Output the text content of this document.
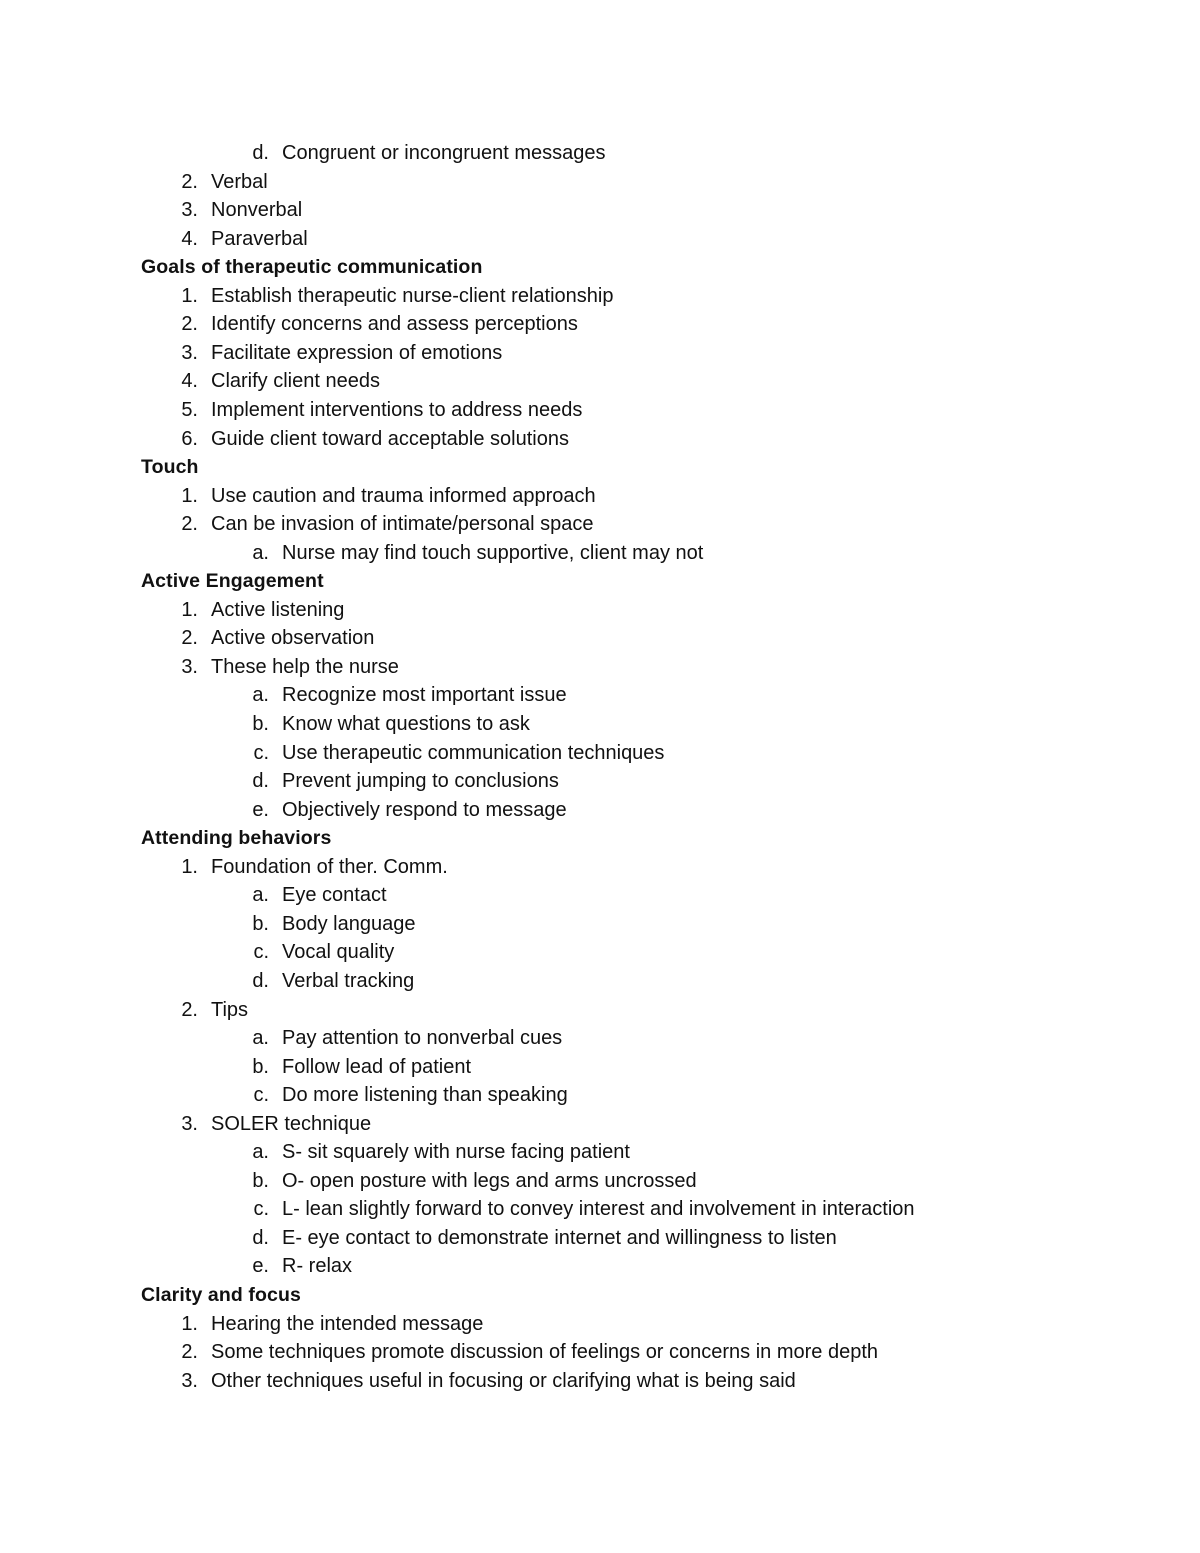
d. Congruent or incongruent messages
2. Verbal
3. Nonverbal
4. Paraverbal
Goals of therapeutic communication
1. Establish therapeutic nurse-client relationship
2. Identify concerns and assess perceptions
3. Facilitate expression of emotions
4. Clarify client needs
5. Implement interventions to address needs
6. Guide client toward acceptable solutions
Touch
1. Use caution and trauma informed approach
2. Can be invasion of intimate/personal space
a. Nurse may find touch supportive, client may not
Active Engagement
1. Active listening
2. Active observation
3. These help the nurse
a. Recognize most important issue
b. Know what questions to ask
c. Use therapeutic communication techniques
d. Prevent jumping to conclusions
e. Objectively respond to message
Attending behaviors
1. Foundation of ther. Comm.
a. Eye contact
b. Body language
c. Vocal quality
d. Verbal tracking
2. Tips
a. Pay attention to nonverbal cues
b. Follow lead of patient
c. Do more listening than speaking
3. SOLER technique
a. S- sit squarely with nurse facing patient
b. O- open posture with legs and arms uncrossed
c. L- lean slightly forward to convey interest and involvement in interaction
d. E- eye contact to demonstrate internet and willingness to listen
e. R- relax
Clarity and focus
1. Hearing the intended message
2. Some techniques promote discussion of feelings or concerns in more depth
3. Other techniques useful in focusing or clarifying what is being said
